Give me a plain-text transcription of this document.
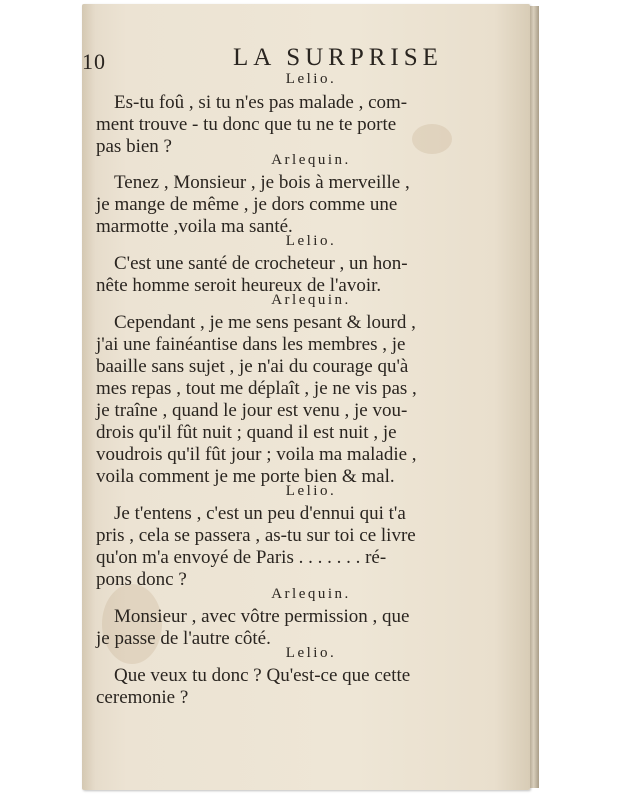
10	LA SURPRISE
Lelio.
Es-tu foû , si tu n'es pas malade , com-
ment trouve - tu donc que tu ne te porte
pas bien ?
Arlequin.
Tenez , Monsieur , je bois à merveille ,
je mange de même , je dors comme une
marmotte ,voila ma santé.
Lelio.
C'est une santé de crocheteur , un hon-
nête homme seroit heureux de l'avoir.
Arlequin.
Cependant , je me sens pesant & lourd ,
j'ai une fainéantise dans les membres , je
baaille sans sujet , je n'ai du courage qu'à
mes repas , tout me déplaît , je ne vis pas ,
je traîne , quand le jour est venu , je vou-
drois qu'il fût nuit ; quand il est nuit , je
voudrois qu'il fût jour ; voila ma maladie ,
voila comment je me porte bien & mal.
Lelio.
Je t'entens , c'est un peu d'ennui qui t'a
pris , cela se passera , as-tu sur toi ce livre
qu'on m'a envoyé de Paris . . . . . . . ré-
pons donc ?
Arlequin.
Monsieur , avec vôtre permission , que
je passe de l'autre côté.
Lelio.
Que veux tu donc ? Qu'est-ce que cette
ceremonie ?
